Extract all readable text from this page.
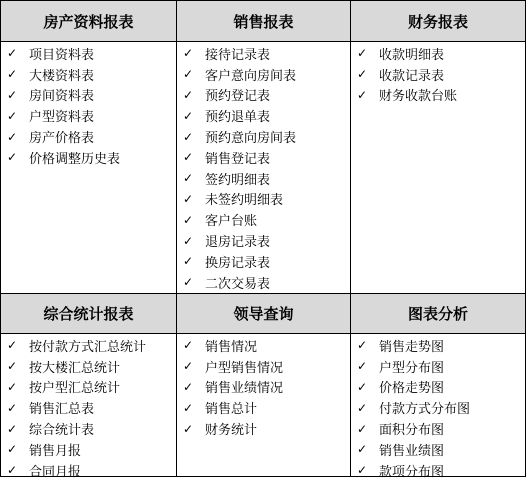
房产资料报表
✓ 项目资料表
✓ 大楼资料表
✓ 房间资料表
✓ 户型资料表
✓ 房产价格表
✓ 价格调整历史表
销售报表
✓ 接待记录表
✓ 客户意向房间表
✓ 预约登记表
✓ 预约退单表
✓ 预约意向房间表
✓ 销售登记表
✓ 签约明细表
✓ 未签约明细表
✓ 客户台账
✓ 退房记录表
✓ 换房记录表
✓ 二次交易表
财务报表
✓ 收款明细表
✓ 收款记录表
✓ 财务收款台账
综合统计报表
✓ 按付款方式汇总统计
✓ 按大楼汇总统计
✓ 按户型汇总统计
✓ 销售汇总表
✓ 综合统计表
✓ 销售月报
✓ 合同月报
领导查询
✓ 销售情况
✓ 户型销售情况
✓ 销售业绩情况
✓ 销售总计
✓ 财务统计
图表分析
✓ 销售走势图
✓ 户型分布图
✓ 价格走势图
✓ 付款方式分布图
✓ 面积分布图
✓ 销售业绩图
✓ 款项分布图
